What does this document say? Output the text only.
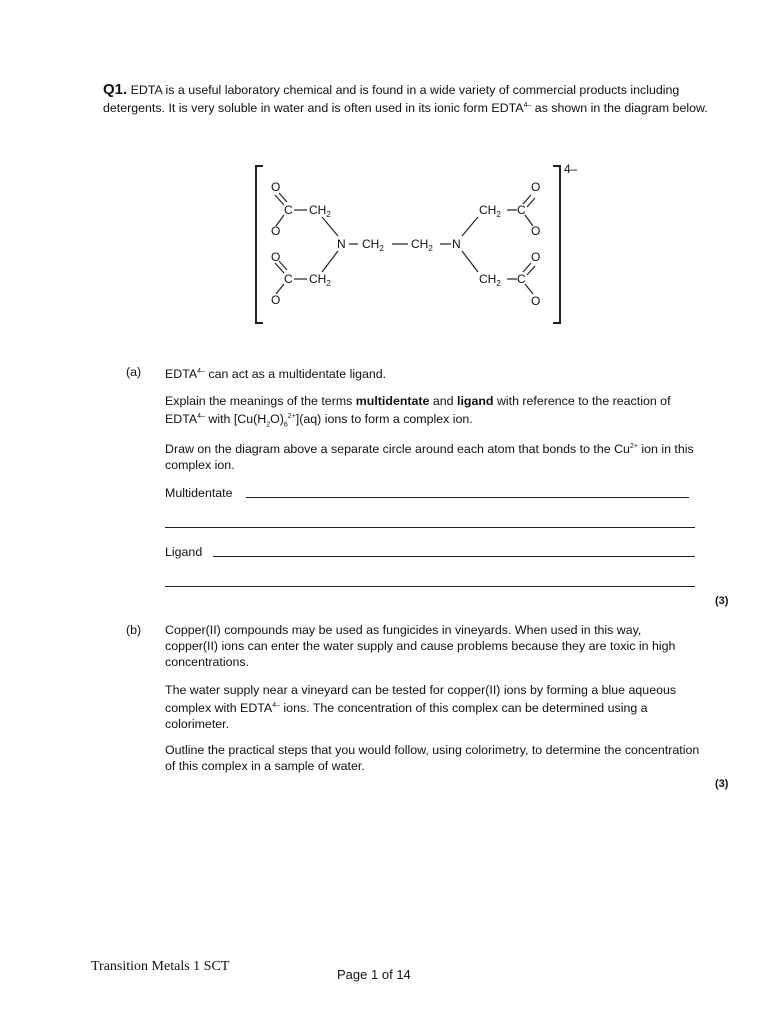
Q1. EDTA is a useful laboratory chemical and is found in a wide variety of commercial products including detergents. It is very soluble in water and is often used in its ionic form $EDTA^{4-}$ as shown in the diagram below.
O
C $CH_2$
O
N $CH_2$ $CH_2$ N
O
C $CH_2$
O
O
$CH_2$ C
O
O
$CH_2$ C
O
4–
(a) $EDTA^{4-}$ can act as a multidentate ligand.
Explain the meanings of the terms multidentate and ligand with reference to the reaction of $EDTA^{4-}$ with $[Cu(H_2O)_6^{2+}](aq)$ ions to form a complex ion.
Draw on the diagram above a separate circle around each atom that bonds to the $Cu^{2+}$ ion in this complex ion.
Multidentate
Ligand
(3)
(b) Copper(II) compounds may be used as fungicides in vineyards. When used in this way, copper(II) ions can enter the water supply and cause problems because they are toxic in high concentrations.
The water supply near a vineyard can be tested for copper(II) ions by forming a blue aqueous complex with $EDTA^{4-}$ ions. The concentration of this complex can be determined using a colorimeter.
Outline the practical steps that you would follow, using colorimetry, to determine the concentration of this complex in a sample of water.
(3)
Transition Metals 1 SCT
Page 1 of 14
